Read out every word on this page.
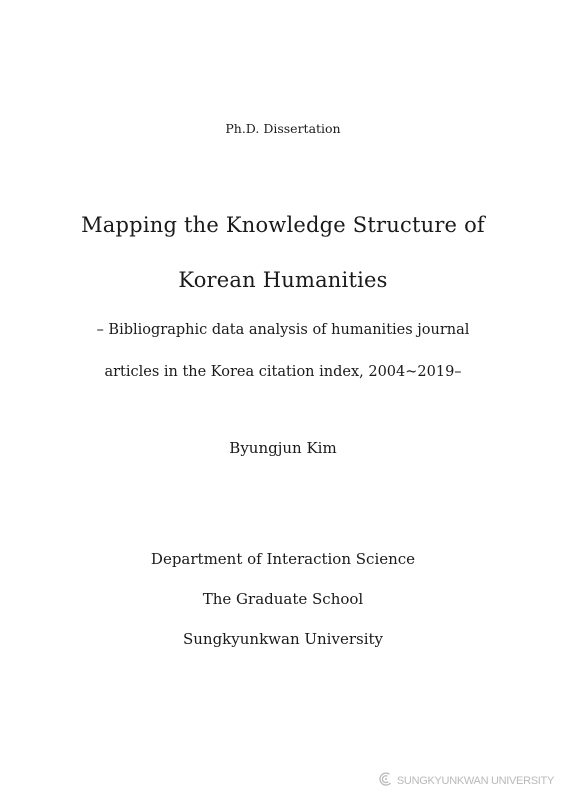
Ph.D. Dissertation
Mapping the Knowledge Structure of
Korean Humanities
– Bibliographic data analysis of humanities journal
articles in the Korea citation index, 2004~2019–
Byungjun Kim
Department of Interaction Science
The Graduate School
Sungkyunkwan University
SUNGKYUNKWAN UNIVERSITY
